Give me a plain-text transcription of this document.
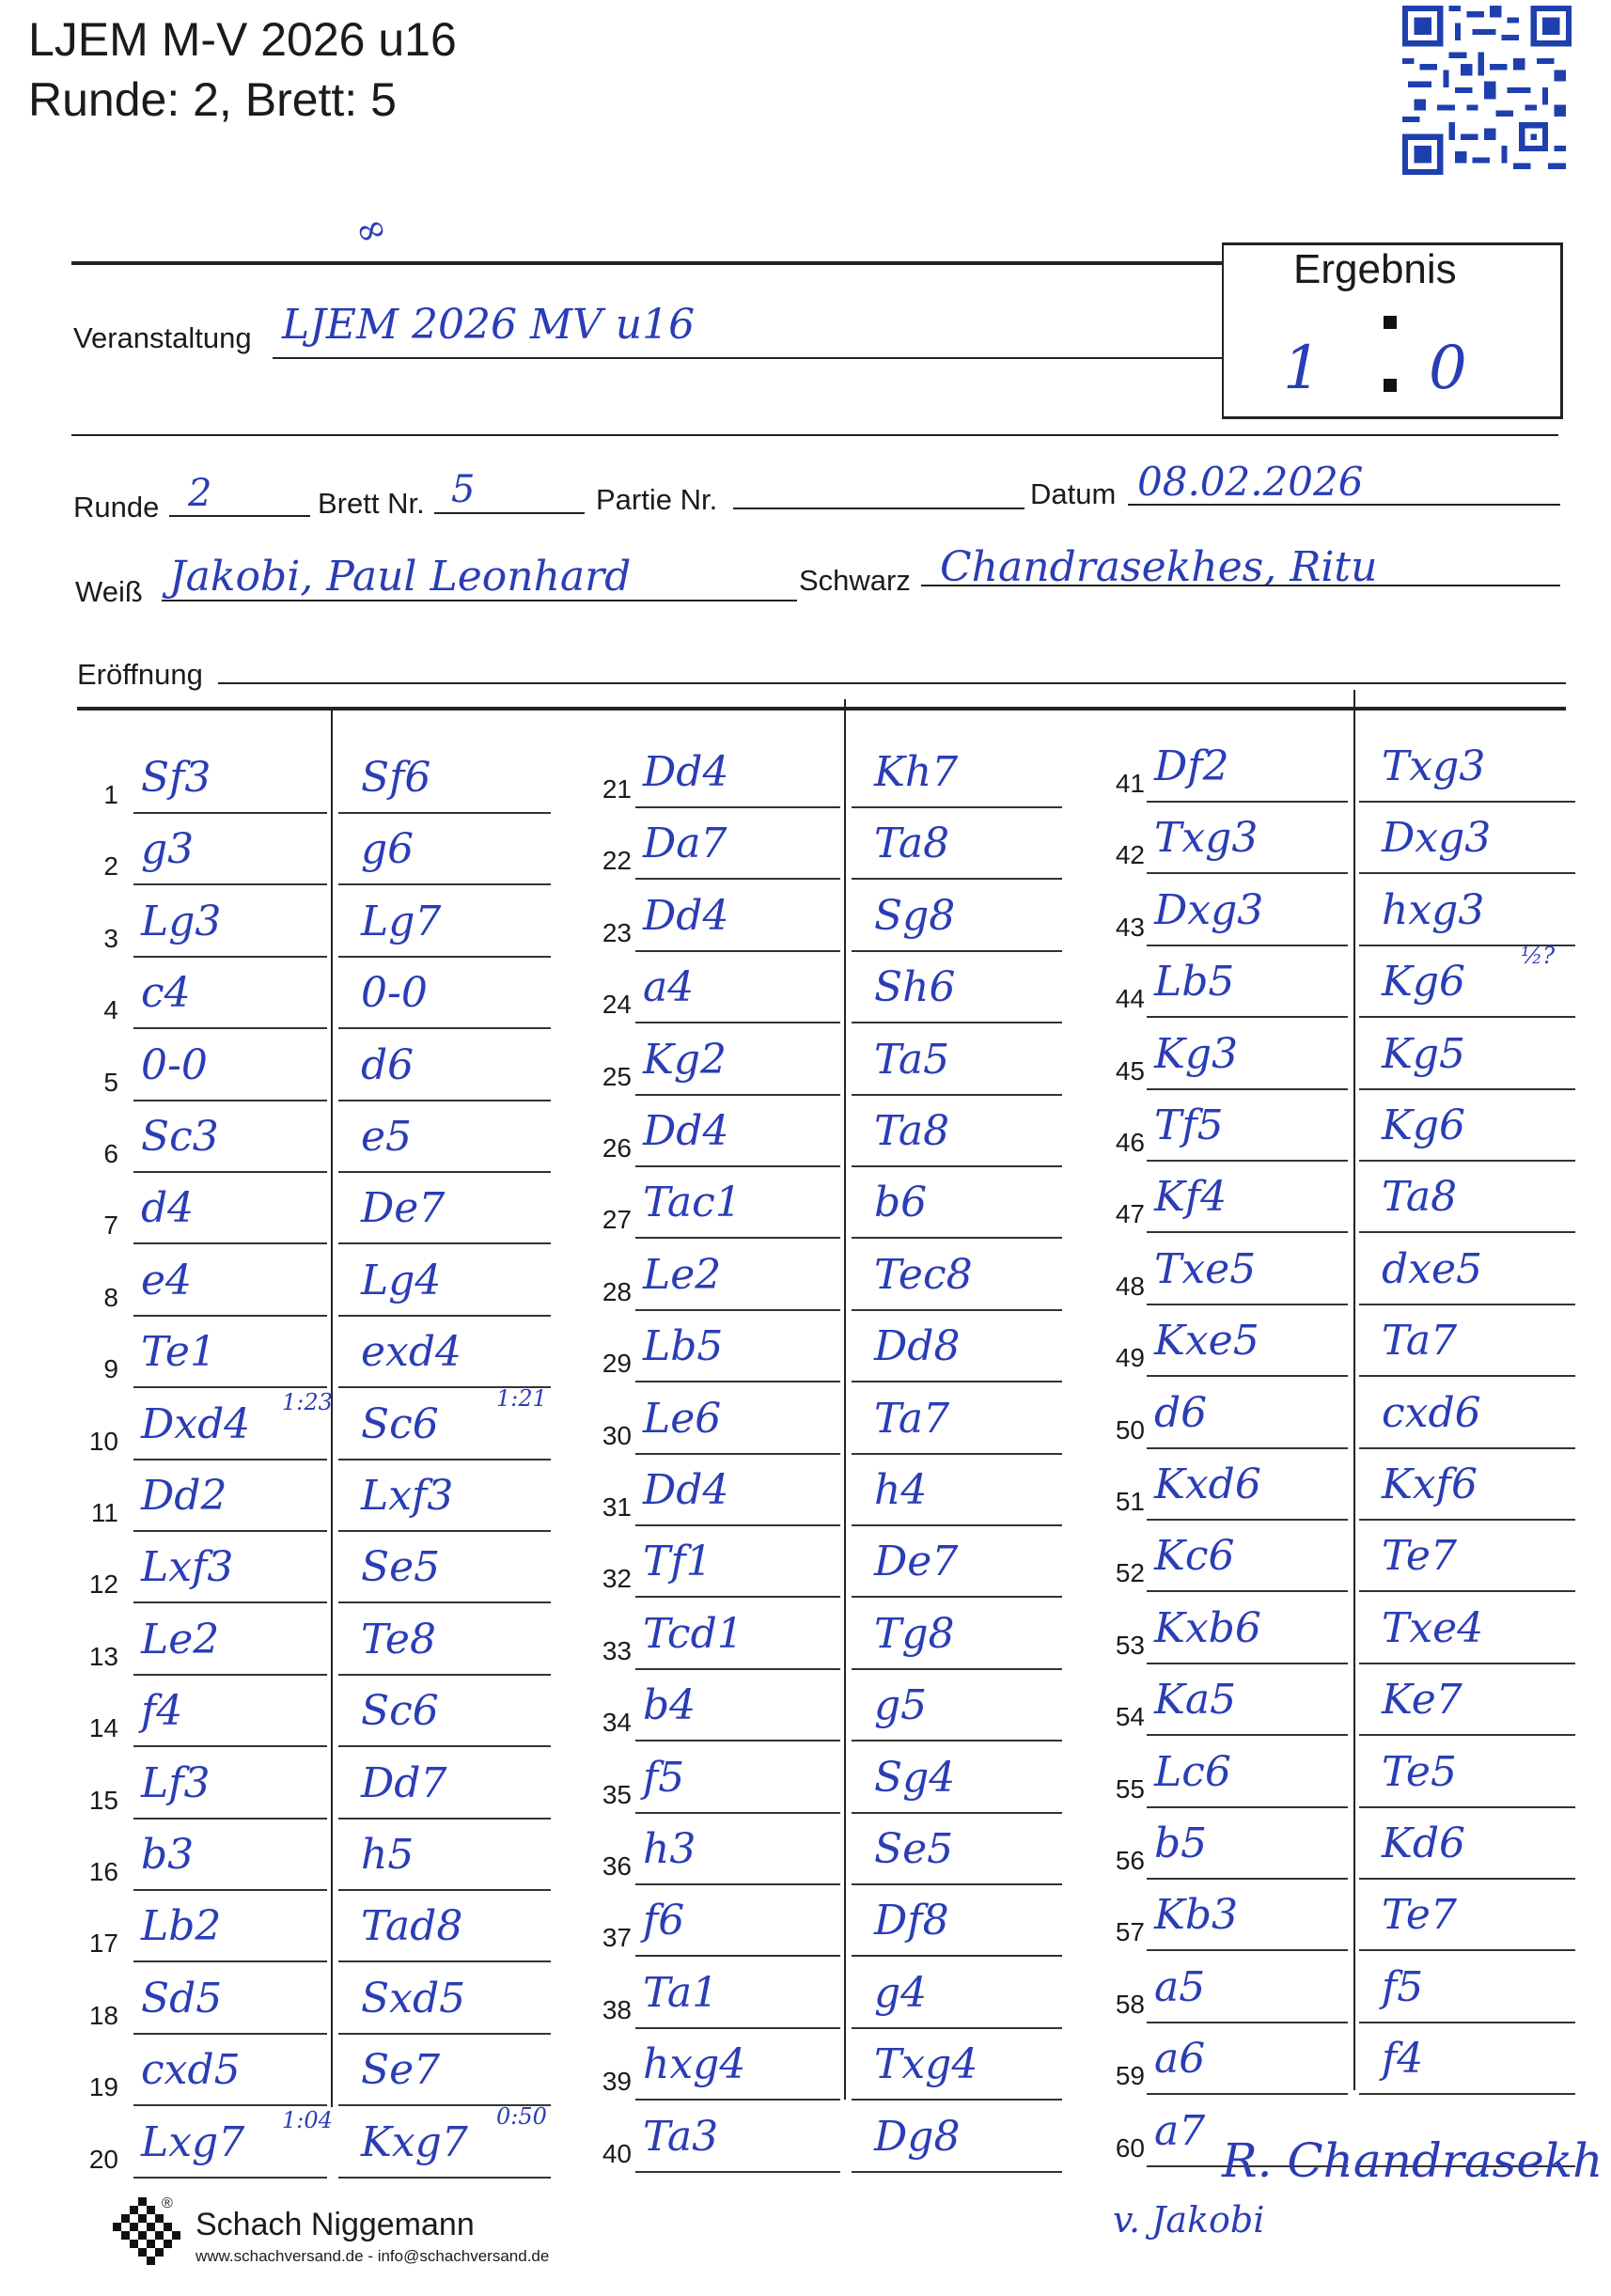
LJEM M-V 2026 u16
Runde: 2, Brett: 5
∞
Veranstaltung LJEM 2026 MV u16
Ergebnis
1 0
Runde 2	Brett Nr. 5	Partie Nr.	Datum 08.02.2026
Weiß Jakobi, Paul Leonhard	Schwarz Chandrasekhes, Ritu
Eröffnung
1 Sf3	Sf6
2 g3	g6
3 Lg3	Lg7
4 c4	0-0
5 0-0	d6
6 Sc3	e5
7 d4	De7
8 e4	Lg4
9 Te1	exd4
10 Dxd4	Sc6
1:23	1:21
11 Dd2	Lxf3
12 Lxf3	Se5
13 Le2	Te8
14 f4	Sc6
15 Lf3	Dd7
16 b3	h5
17 Lb2	Tad8
18 Sd5	Sxd5
19 cxd5	Se7
20 Lxg7	Kxg7
1:04	0:50
21 Dd4	Kh7
22 Da7	Ta8
23 Dd4	Sg8
24 a4	Sh6
25 Kg2	Ta5
26 Dd4	Ta8
27 Tac1	b6
28 Le2	Tec8
29 Lb5	Dd8
30 Le6	Ta7
31 Dd4	h4
32 Tf1	De7
33 Tcd1	Tg8
34 b4	g5
35 f5	Sg4
36 h3	Se5
37 f6	Df8
38 Ta1	g4
39 hxg4	Txg4
40 Ta3	Dg8
41 Df2	Txg3
42 Txg3	Dxg3
43 Dxg3	hxg3
44 Lb5	Kg6
½?
45 Kg3	Kg5
46 Tf5	Kg6
47 Kf4	Ta8
48 Txe5	dxe5
49 Kxe5	Ta7
50 d6	cxd6
51 Kxd6	Kxf6
52 Kc6	Te7
53 Kxb6	Txe4
54 Ka5	Ke7
55 Lc6	Te5
56 b5	Kd6
57 Kb3	Te7
58 a5	f5
59 a6	f4
60 a7
R. Chandrasekh
v. Jakobi
Schach Niggemann
®
www.schachversand.de - info@schachversand.de
